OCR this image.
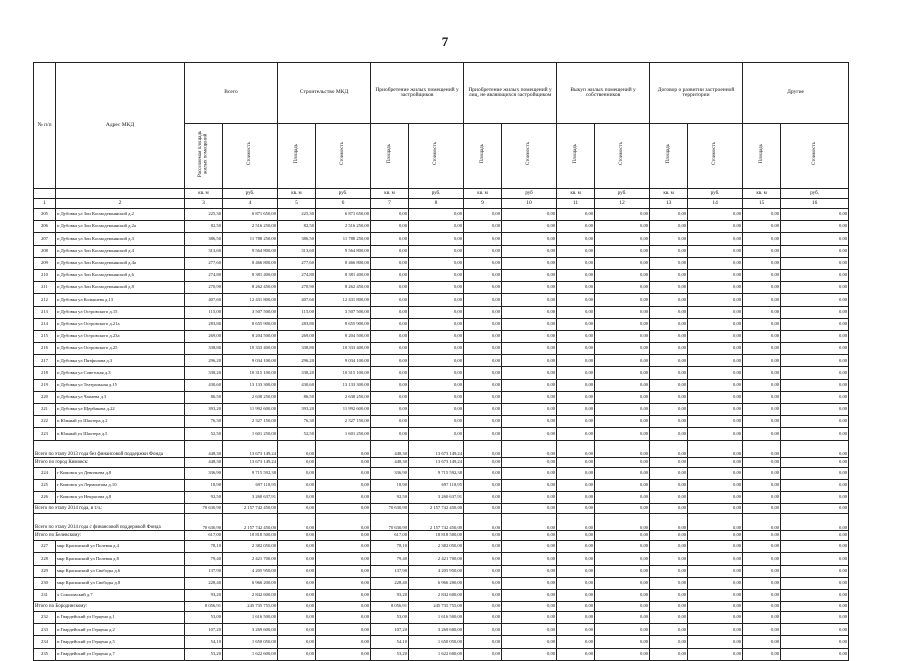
7
№ п/п	Адрес МКД	Всего		Строительство МКД		Приобретение жилых помещений у застройщиков		Приобретение жилых помещений у лиц, не являющихся застройщиком		Выкуп жилых помещений у собственников		Договор о развитии застроенной территории		Другие	
		Расселяемая площадь жилых помещений	Стоимость	Площадь	Стоимость	Площадь	Стоимость	Площадь	Стоимость	Площадь	Стоимость	Площадь	Стоимость	Площадь	Стоимость
		кв. м	руб.	кв. м	руб.	кв. м	руб.	кв. м	руб	кв. м	руб.	кв. м	руб.	кв. м	руб.
1	2	3	4	5	6	7	8	9	10	11	12	13	14	15	16
205	п Дубовка ул Зои Космодемьянской д.2	225,30	6 871 650,00	225,30	6 871 650,00	0,00	0,00	0,00	0,00	0,00	0,00	0,00	0,00	0,00	0,00
206	п Дубовка ул Зои Космодемьянской д.2а	82,50	2 516 250,00	82,50	2 516 250,00	0,00	0,00	0,00	0,00	0,00	0,00	0,00	0,00	0,00	0,00
207	п Дубовка ул Зои Космодемьянской д.3	386,50	11 788 250,00	386,50	11 788 250,00	0,00	0,00	0,00	0,00	0,00	0,00	0,00	0,00	0,00	0,00
208	п Дубовка ул Зои Космодемьянской д.4	313,60	9 564 800,00	313,60	9 564 800,00	0,00	0,00	0,00	0,00	0,00	0,00	0,00	0,00	0,00	0,00
209	п Дубовка ул Зои Космодемьянской д.4а	277,60	8 466 800,00	277,60	8 466 800,00	0,00	0,00	0,00	0,00	0,00	0,00	0,00	0,00	0,00	0,00
210	п Дубовка ул Зои Космодемьянской д.6	274,80	8 381 400,00	274,80	8 381 400,00	0,00	0,00	0,00	0,00	0,00	0,00	0,00	0,00	0,00	0,00
211	п Дубовка ул Зои Космодемьянской д.8	270,90	8 262 450,00	270,90	8 262 450,00	0,00	0,00	0,00	0,00	0,00	0,00	0,00	0,00	0,00	0,00
212	п Дубовка ул Колышева д.13	407,60	12 431 800,00	407,60	12 431 800,00	0,00	0,00	0,00	0,00	0,00	0,00	0,00	0,00	0,00	0,00
213	п Дубовка ул Островского д.15	115,00	3 507 500,00	115,00	3 507 500,00	0,00	0,00	0,00	0,00	0,00	0,00	0,00	0,00	0,00	0,00
214	п Дубовка ул Островского д.21а	283,80	8 655 900,00	283,80	8 655 900,00	0,00	0,00	0,00	0,00	0,00	0,00	0,00	0,00	0,00	0,00
215	п Дубовка ул Островского д.23а	269,00	8 204 500,00	269,00	8 204 500,00	0,00	0,00	0,00	0,00	0,00	0,00	0,00	0,00	0,00	0,00
216	п Дубовка ул Островского д.25	338,80	10 333 400,00	338,80	10 333 400,00	0,00	0,00	0,00	0,00	0,00	0,00	0,00	0,00	0,00	0,00
217	п Дубовка ул Пятфилова д.3	296,20	9 034 100,00	296,20	9 034 100,00	0,00	0,00	0,00	0,00	0,00	0,00	0,00	0,00	0,00	0,00
218	п Дубовка ул Советская д.3	338,20	10 315 100,00	338,20	10 315 100,00	0,00	0,00	0,00	0,00	0,00	0,00	0,00	0,00	0,00	0,00
219	п Дубовка ул Театральная д.15	430,60	13 133 300,00	430,60	13 133 300,00	0,00	0,00	0,00	0,00	0,00	0,00	0,00	0,00	0,00	0,00
220	п Дубовка ул Чапаева д.3	86,50	2 638 250,00	86,50	2 638 250,00	0,00	0,00	0,00	0,00	0,00	0,00	0,00	0,00	0,00	0,00
221	п Дубовка ул Щербакова д.22	393,20	11 992 600,00	393,20	11 992 600,00	0,00	0,00	0,00	0,00	0,00	0,00	0,00	0,00	0,00	0,00
222	п Южный ул Шахтера д.2	76,30	2 327 150,00	76,30	2 327 150,00	0,00	0,00	0,00	0,00	0,00	0,00	0,00	0,00	0,00	0,00
223	п Южный ул Шахтера д.5	52,50	1 601 250,00	52,50	1 601 250,00	0,00	0,00	0,00	0,00	0,00	0,00	0,00	0,00	0,00	0,00
Всего по этапу 2013 года без финансовой поддержки Фонда		448,30	13 673 149,24	0,00	0,00	448,30	13 673 149,24	0,00	0,00	0,00	0,00	0,00	0,00	0,00	0,00
Итого по город Кимовск:		448,30	13 673 149,24	0,00	0,00	448,30	13 673 149,24	0,00	0,00	0,00	0,00	0,00	0,00	0,00	0,00
224	г Кимовск ул Девичьева д.8	336,90	9 715 592,38	0,00	0,00	336,90	9 715 592,38	0,00	0,00	0,00	0,00	0,00	0,00	0,00	0,00
225	г Кимовск ул Лермонтова д.10	18,90	697 118,95	0,00	0,00	18,90	697 118,95	0,00	0,00	0,00	0,00	0,00	0,00	0,00	0,00
226	г Кимовск ул Некрасова д.8	92,50	3 260 637,91	0,00	0,00	92,50	3 260 637,91	0,00	0,00	0,00	0,00	0,00	0,00	0,00	0,00
Всего по этапу 2014 года, в т.ч.:		70 630,90	2 157 742 450,00	0,00	0,00	70 630,90	2 157 742 450,00	0,00	0,00	0,00	0,00	0,00	0,00	0,00	0,00
Всего по этапу 2014 года с финансовой поддержкой Фонда		70 630,90	2 157 742 450,00	0,00	0,00	70 630,90	2 157 742 450,00	0,00	0,00	0,00	0,00	0,00	0,00	0,00	0,00
Итого по Белевскому:		617,00	18 818 500,00	0,00	0,00	617,00	18 818 500,00	0,00	0,00	0,00	0,00	0,00	0,00	0,00	0,00
227	мкр Красинский ул Полевая д.4	78,10	2 382 050,00	0,00	0,00	78,10	2 382 050,00	0,00	0,00	0,00	0,00	0,00	0,00	0,00	0,00
228	мкр Красинский ул Полевая д.8	79,40	2 421 700,00	0,00	0,00	79,40	2 421 700,00	0,00	0,00	0,00	0,00	0,00	0,00	0,00	0,00
229	мкр Красинский ул Свободы д.6	137,90	4 205 950,00	0,00	0,00	137,90	4 205 950,00	0,00	0,00	0,00	0,00	0,00	0,00	0,00	0,00
230	мкр Красинский ул Свободы д.8	228,40	6 966 200,00	0,00	0,00	228,40	6 966 200,00	0,00	0,00	0,00	0,00	0,00	0,00	0,00	0,00
231	х Сокольвский д.7	93,20	2 842 600,00	0,00	0,00	93,20	2 842 600,00	0,00	0,00	0,00	0,00	0,00	0,00	0,00	0,00
Итого по Бородинскому:		8 056,91	245 735 755,00	0,00	0,00	8 056,91	245 735 755,00	0,00	0,00	0,00	0,00	0,00	0,00	0,00	0,00
232	п Гвардейский ул Герцена д.1	53,00	1 616 500,00	0,00	0,00	53,00	1 616 500,00	0,00	0,00	0,00	0,00	0,00	0,00	0,00	0,00
233	п Гвардейский ул Герцена д.2	107,20	3 269 600,00	0,00	0,00	107,20	3 269 600,00	0,00	0,00	0,00	0,00	0,00	0,00	0,00	0,00
234	п Гвардейский ул Герцена д.5	54,10	1 650 050,00	0,00	0,00	54,10	1 650 050,00	0,00	0,00	0,00	0,00	0,00	0,00	0,00	0,00
235	п Гвардейский ул Герцена д.7	53,20	1 622 600,00	0,00	0,00	53,20	1 622 600,00	0,00	0,00	0,00	0,00	0,00	0,00	0,00	0,00
